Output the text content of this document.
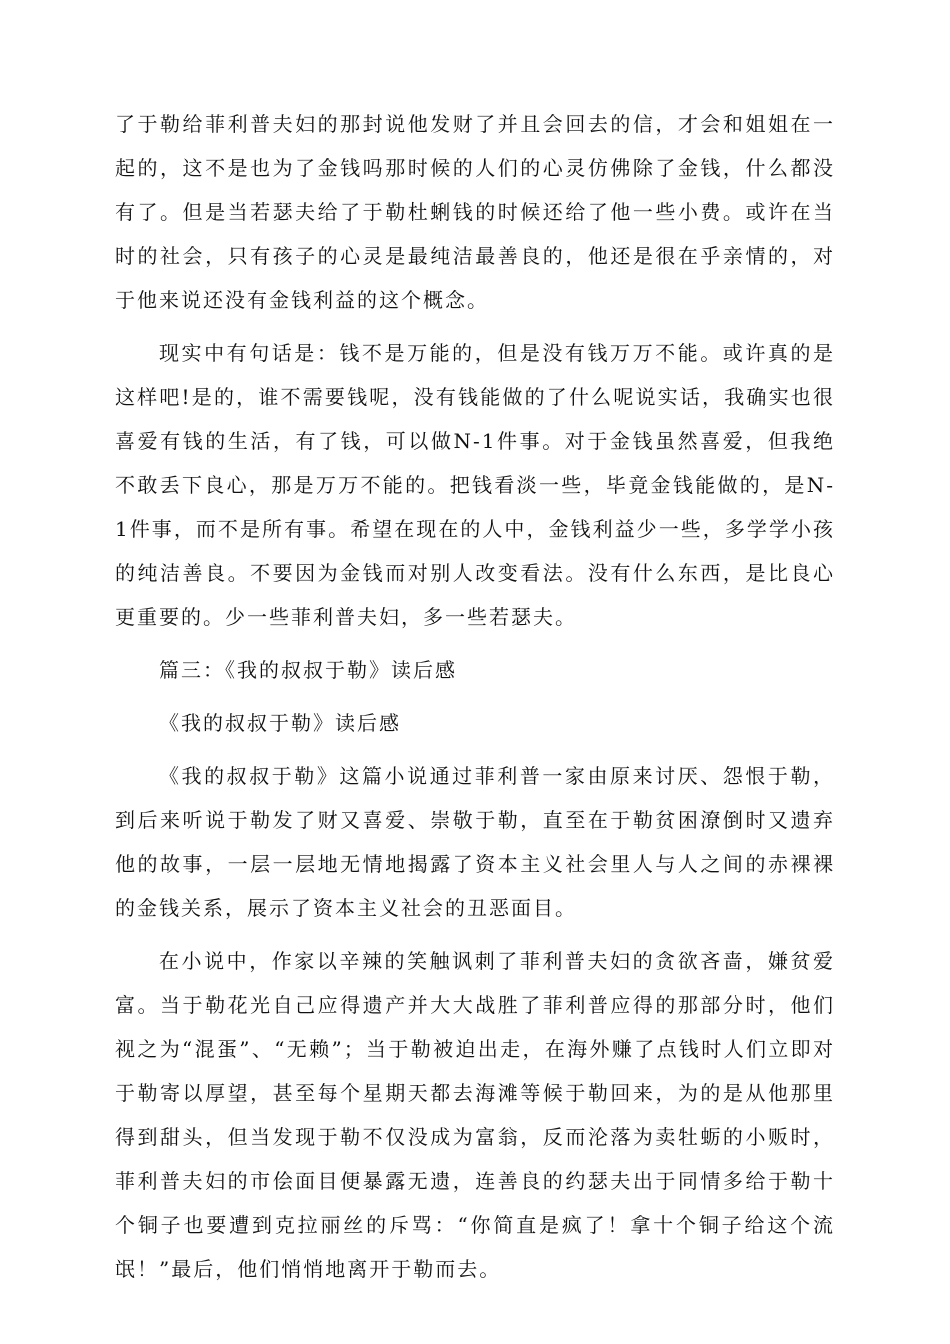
了于勒给菲利普夫妇的那封说他发财了并且会回去的信，才会和姐姐在一起的，这不是也为了金钱吗那时候的人们的心灵仿佛除了金钱，什么都没有了。但是当若瑟夫给了于勒杜蜊钱的时候还给了他一些小费。或许在当时的社会，只有孩子的心灵是最纯洁最善良的，他还是很在乎亲情的，对于他来说还没有金钱利益的这个概念。

现实中有句话是：钱不是万能的，但是没有钱万万不能。或许真的是这样吧!是的，谁不需要钱呢，没有钱能做的了什么呢说实话，我确实也很喜爱有钱的生活，有了钱，可以做N-1件事。对于金钱虽然喜爱，但我绝不敢丢下良心，那是万万不能的。把钱看淡一些，毕竟金钱能做的，是N-1件事，而不是所有事。希望在现在的人中，金钱利益少一些，多学学小孩的纯洁善良。不要因为金钱而对别人改变看法。没有什么东西，是比良心更重要的。少一些菲利普夫妇，多一些若瑟夫。

篇三：《我的叔叔于勒》读后感

《我的叔叔于勒》读后感

《我的叔叔于勒》这篇小说通过菲利普一家由原来讨厌、怨恨于勒，到后来听说于勒发了财又喜爱、崇敬于勒，直至在于勒贫困潦倒时又遗弃他的故事，一层一层地无情地揭露了资本主义社会里人与人之间的赤裸裸的金钱关系，展示了资本主义社会的丑恶面目。

在小说中，作家以辛辣的笑触讽刺了菲利普夫妇的贪欲吝啬，嫌贫爱富。当于勒花光自己应得遗产并大大战胜了菲利普应得的那部分时，他们视之为“混蛋”、“无赖”；当于勒被迫出走，在海外赚了点钱时人们立即对于勒寄以厚望，甚至每个星期天都去海滩等候于勒回来，为的是从他那里得到甜头，但当发现于勒不仅没成为富翁，反而沦落为卖牡蛎的小贩时，菲利普夫妇的市侩面目便暴露无遗，连善良的约瑟夫出于同情多给于勒十个铜子也要遭到克拉丽丝的斥骂：“你简直是疯了！拿十个铜子给这个流氓！”最后，他们悄悄地离开于勒而去。
